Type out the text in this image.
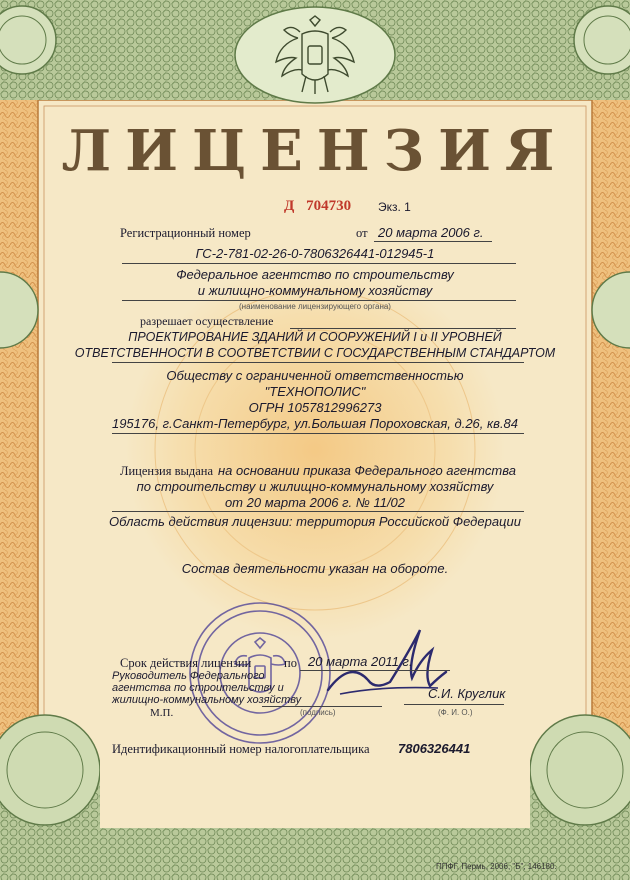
ЛИЦЕНЗИЯ
Д 704730 Экз. 1
Регистрационный номер	от 20 марта 2006 г.
ГС-2-781-02-26-0-7806326441-012945-1
Федеральное агентство по строительству
и жилищно-коммунальному хозяйству
(наименование лицензирующего органа)
разрешает осуществление
ПРОЕКТИРОВАНИЕ ЗДАНИЙ И СООРУЖЕНИЙ I и II УРОВНЕЙ
ОТВЕТСТВЕННОСТИ В СООТВЕТСТВИИ С ГОСУДАРСТВЕННЫМ СТАНДАРТОМ
Обществу с ограниченной ответственностью
"ТЕХНОПОЛИС"
ОГРН 1057812996273
195176, г.Санкт-Петербург, ул.Большая Пороховская, д.26, кв.84
Лицензия выдана на основании приказа Федерального агентства
по строительству и жилищно-коммунальному хозяйству
от 20 марта 2006 г. № 11/02
Область действия лицензии: территория Российской Федерации
Состав деятельности указан на обороте.
Срок действия лицензии	по 20 марта 2011 г.
Руководитель Федерального
агентства по строительству и
жилищно-коммунальному хозяйству
М.П.	(подпись)
С.И. Круглик
(Ф. И. О.)
Идентификационный номер налогоплательщика 7806326441
ППФГ, Пермь, 2006, "Б", 146180.
